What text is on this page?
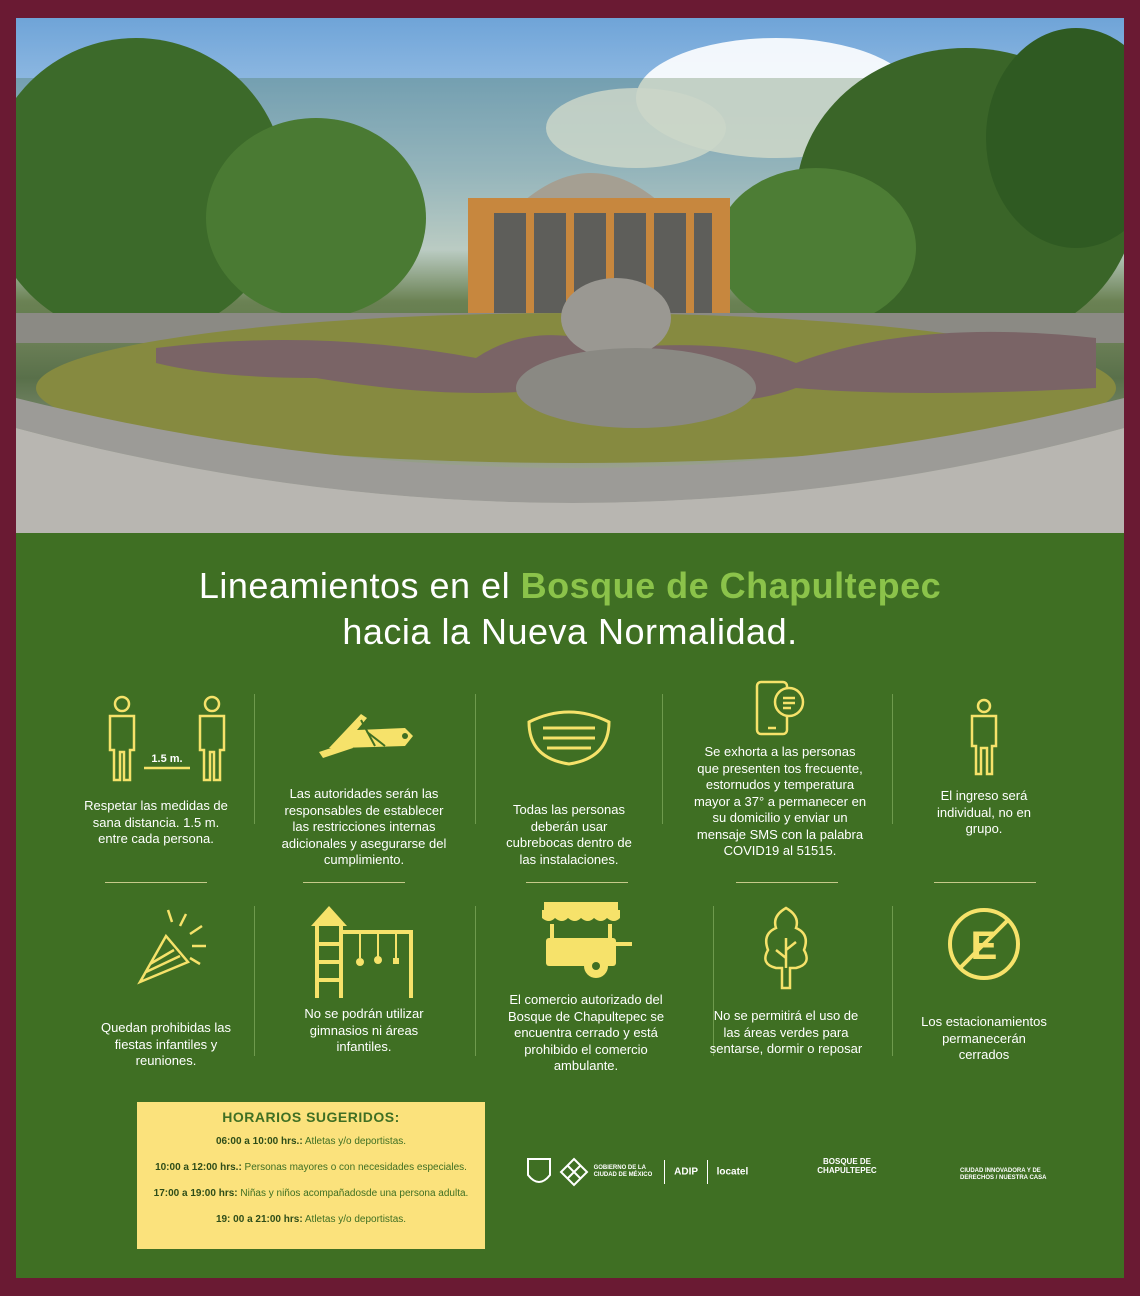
Lineamientos en el Bosque de Chapultepec
hacia la Nueva Normalidad.
1.5 m.
Respetar las medidas de sana distancia. 1.5 m. entre cada persona.
Las autoridades serán las responsables de establecer las restricciones internas adicionales y asegurarse del cumplimiento.
Todas las personas deberán usar cubrebocas dentro de las instalaciones.
Se exhorta a las personas que presenten tos frecuente, estornudos y temperatura mayor a 37° a permanecer en su domicilio y enviar un mensaje SMS con la palabra COVID19 al 51515.
El ingreso será individual, no en grupo.
Quedan prohibidas las fiestas infantiles y reuniones.
No se podrán utilizar gimnasios ni áreas infantiles.
El comercio autorizado del Bosque de Chapultepec se encuentra cerrado y está prohibido el comercio ambulante.
No se permitirá el uso de las áreas verdes para sentarse, dormir o reposar
E
Los estacionamientos permanecerán cerrados
HORARIOS SUGERIDOS:
06:00 a 10:00 hrs.: Atletas y/o deportistas.
10:00 a 12:00 hrs.: Personas mayores o con necesidades especiales.
17:00 a 19:00 hrs: Niñas y niños acompañadosde una persona adulta.
19: 00 a 21:00 hrs: Atletas y/o deportistas.
GOBIERNO DE LA CIUDAD DE MÉXICO ADIP locatel
BOSQUE DE CHAPULTEPEC	CIUDAD INNOVADORA Y DE DERECHOS / NUESTRA CASA
